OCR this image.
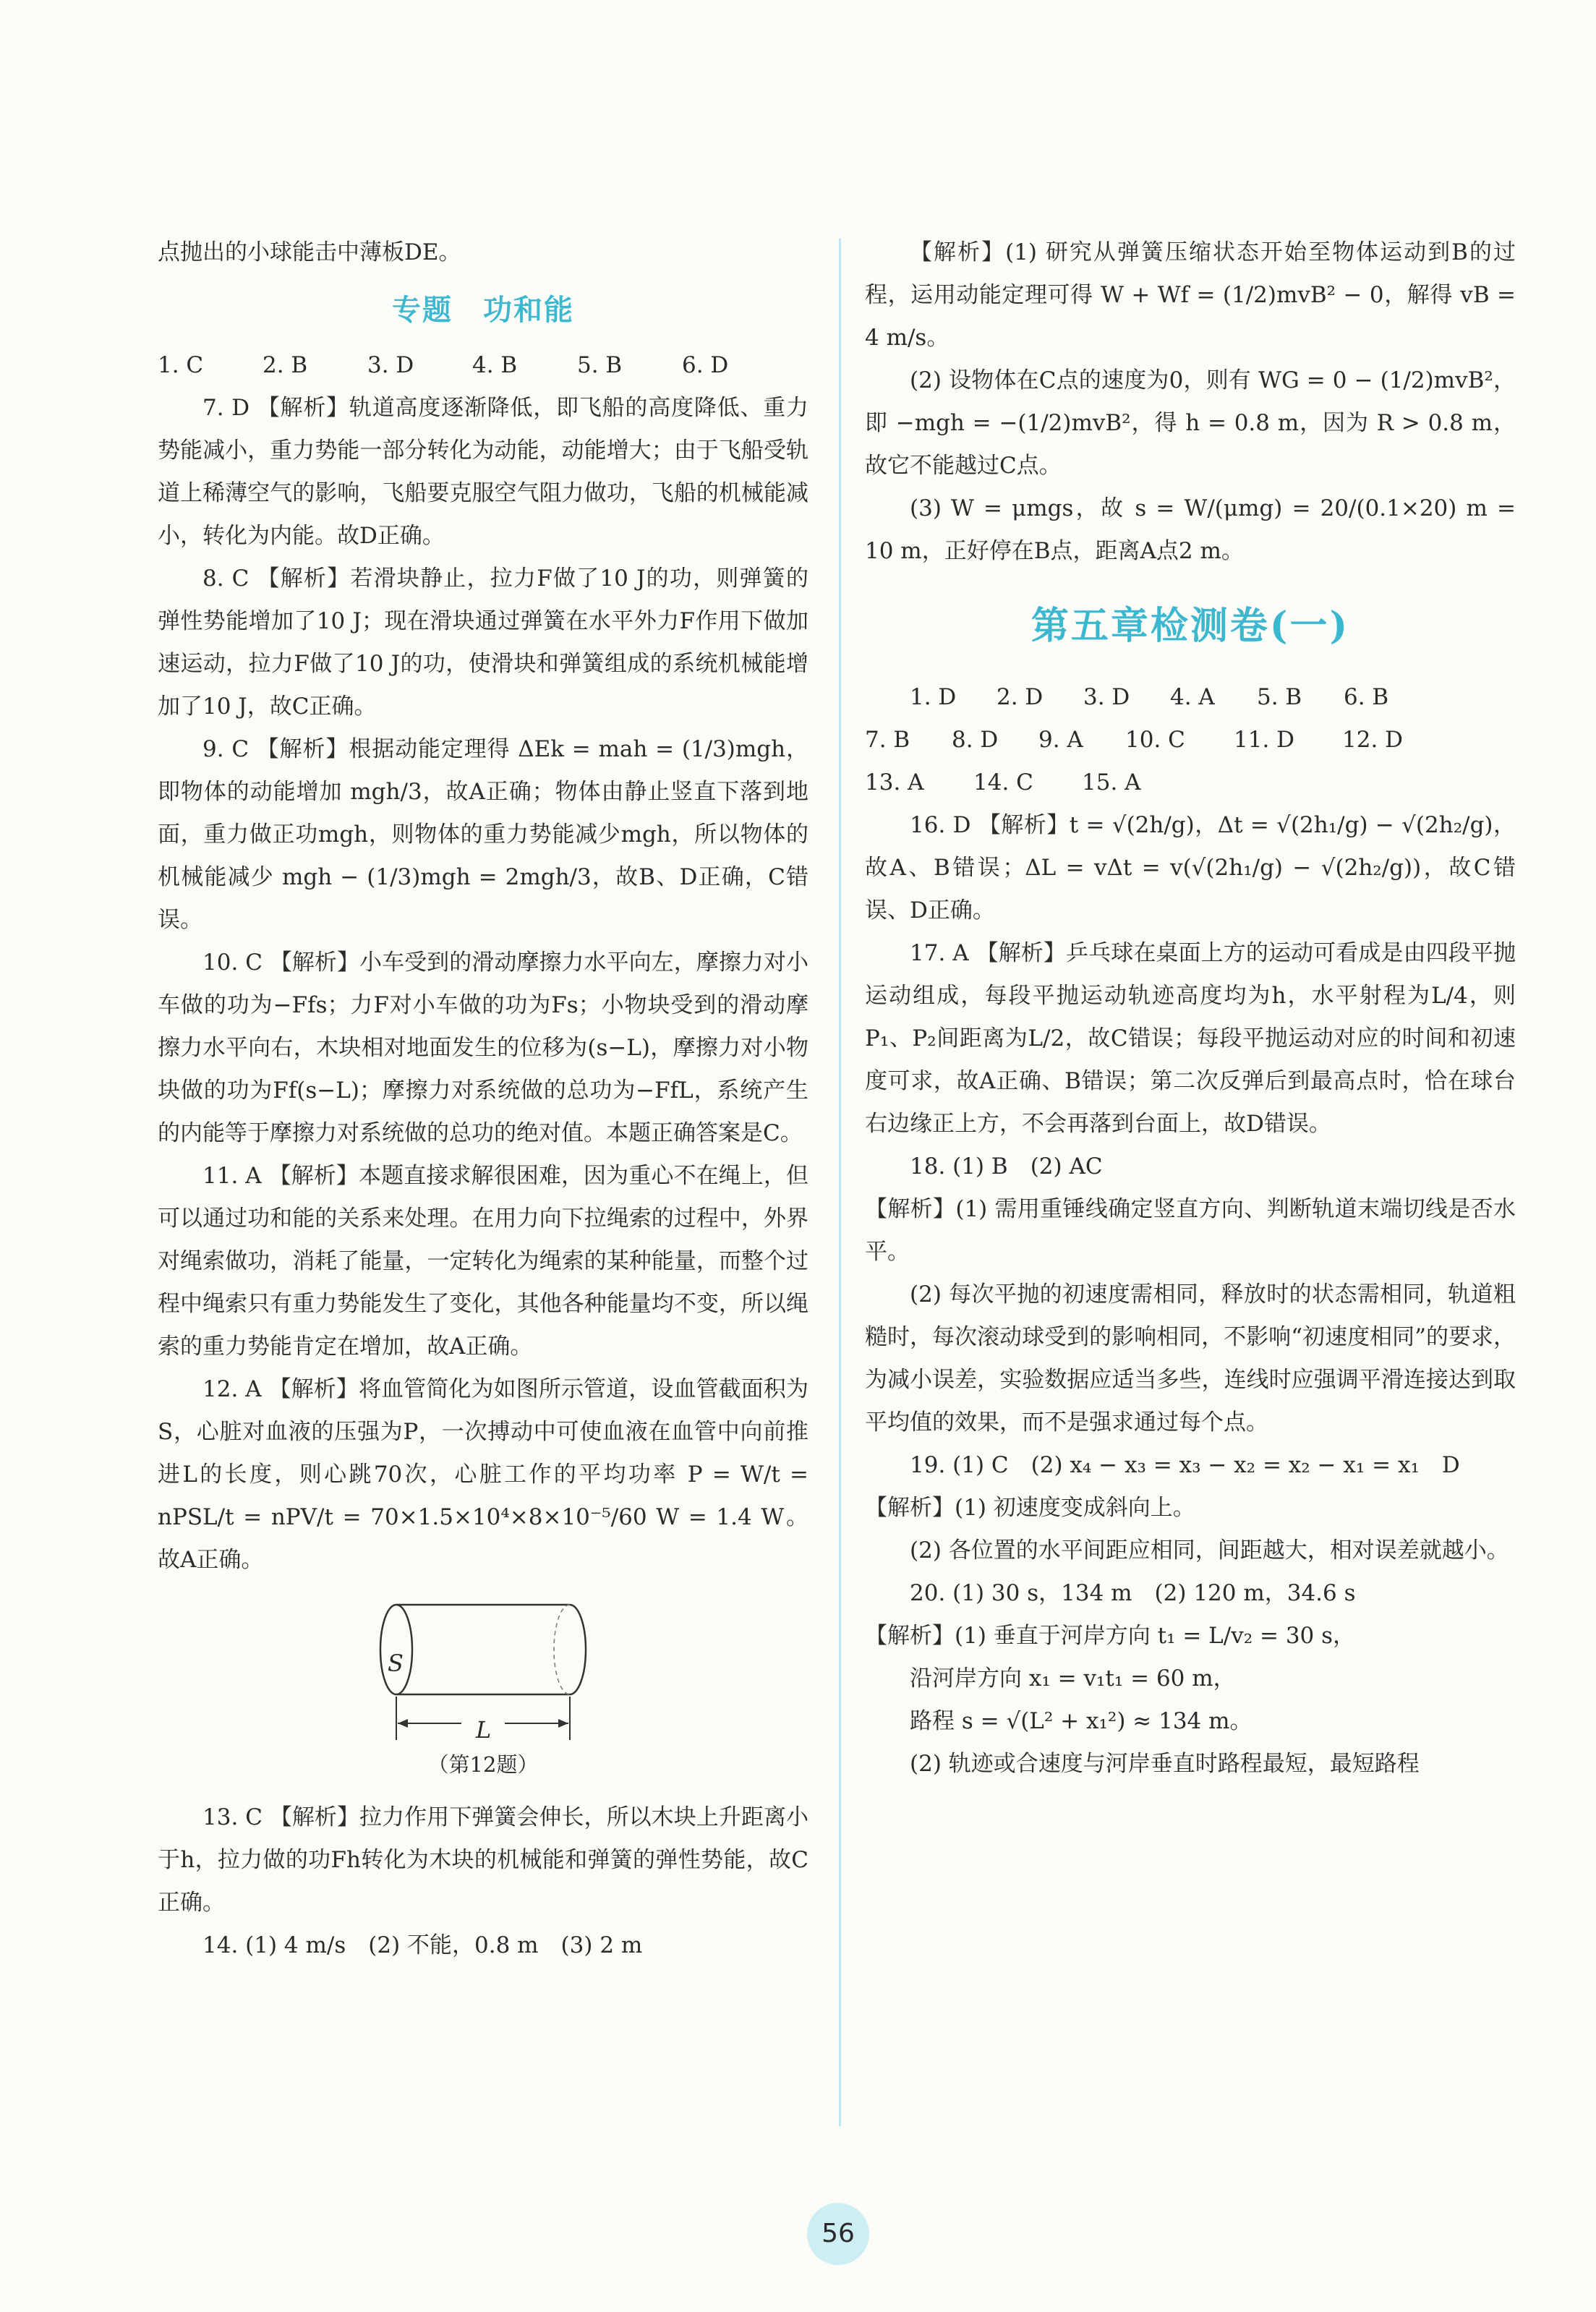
点抛出的小球能击中薄板DE。

专题　功和能
1. C	2. B	3. D	4. B	5. B	6. D

7. D 【解析】轨道高度逐渐降低，即飞船的高度降低、重力势能减小，重力势能一部分转化为动能，动能增大；由于飞船受轨道上稀薄空气的影响，飞船要克服空气阻力做功，飞船的机械能减小，转化为内能。故D正确。

8. C 【解析】若滑块静止，拉力F做了10 J的功，则弹簧的弹性势能增加了10 J；现在滑块通过弹簧在水平外力F作用下做加速运动，拉力F做了10 J的功，使滑块和弹簧组成的系统机械能增加了10 J，故C正确。

9. C 【解析】根据动能定理得 ΔEk = mah = (1/3)mgh，即物体的动能增加 mgh/3，故A正确；物体由静止竖直下落到地面，重力做正功mgh，则物体的重力势能减少mgh，所以物体的机械能减少 mgh − (1/3)mgh = 2mgh/3，故B、D正确，C错误。

10. C 【解析】小车受到的滑动摩擦力水平向左，摩擦力对小车做的功为−Ffs；力F对小车做的功为Fs；小物块受到的滑动摩擦力水平向右，木块相对地面发生的位移为(s−L)，摩擦力对小物块做的功为Ff(s−L)；摩擦力对系统做的总功为−FfL，系统产生的内能等于摩擦力对系统做的总功的绝对值。本题正确答案是C。

11. A 【解析】本题直接求解很困难，因为重心不在绳上，但可以通过功和能的关系来处理。在用力向下拉绳索的过程中，外界对绳索做功，消耗了能量，一定转化为绳索的某种能量，而整个过程中绳索只有重力势能发生了变化，其他各种能量均不变，所以绳索的重力势能肯定在增加，故A正确。

12. A 【解析】将血管简化为如图所示管道，设血管截面积为S，心脏对血液的压强为P，一次搏动中可使血液在血管中向前推进L的长度，则心跳70次，心脏工作的平均功率 P = W/t = nPSL/t = nPV/t = 70×1.5×10⁴×8×10⁻⁵/60 W = 1.4 W。故A正确。

S
L
（第12题）

13. C 【解析】拉力作用下弹簧会伸长，所以木块上升距离小于h，拉力做的功Fh转化为木块的机械能和弹簧的弹性势能，故C正确。

14. (1) 4 m/s　(2) 不能，0.8 m　(3) 2 m

【解析】(1) 研究从弹簧压缩状态开始至物体运动到B的过程，运用动能定理可得 W + Wf = (1/2)mvB² − 0，解得 vB = 4 m/s。

(2) 设物体在C点的速度为0，则有 WG = 0 − (1/2)mvB²，即 −mgh = −(1/2)mvB²，得 h = 0.8 m，因为 R > 0.8 m，故它不能越过C点。

(3) W = μmgs，故 s = W/(μmg) = 20/(0.1×20) m = 10 m，正好停在B点，距离A点2 m。

第五章检测卷(一)
1. D	2. D	3. D	4. A	5. B	6. B
7. B	8. D	9. A	10. C	11. D	12. D
13. A	14. C	15. A

16. D 【解析】t = √(2h/g)，Δt = √(2h₁/g) − √(2h₂/g)，故A、B错误；ΔL = vΔt = v(√(2h₁/g) − √(2h₂/g))，故C错误、D正确。

17. A 【解析】乒乓球在桌面上方的运动可看成是由四段平抛运动组成，每段平抛运动轨迹高度均为h，水平射程为L/4，则P₁、P₂间距离为L/2，故C错误；每段平抛运动对应的时间和初速度可求，故A正确、B错误；第二次反弹后到最高点时，恰在球台右边缘正上方，不会再落到台面上，故D错误。

18. (1) B　(2) AC

【解析】(1) 需用重锤线确定竖直方向、判断轨道末端切线是否水平。

(2) 每次平抛的初速度需相同，释放时的状态需相同，轨道粗糙时，每次滚动球受到的影响相同，不影响“初速度相同”的要求，为减小误差，实验数据应适当多些，连线时应强调平滑连接达到取平均值的效果，而不是强求通过每个点。

19. (1) C　(2) x₄ − x₃ = x₃ − x₂ = x₂ − x₁ = x₁　D

【解析】(1) 初速度变成斜向上。

(2) 各位置的水平间距应相同，间距越大，相对误差就越小。

20. (1) 30 s，134 m　(2) 120 m，34.6 s

【解析】(1) 垂直于河岸方向 t₁ = L/v₂ = 30 s，

沿河岸方向 x₁ = v₁t₁ = 60 m，

路程 s = √(L² + x₁²) ≈ 134 m。

(2) 轨迹或合速度与河岸垂直时路程最短，最短路程

56
